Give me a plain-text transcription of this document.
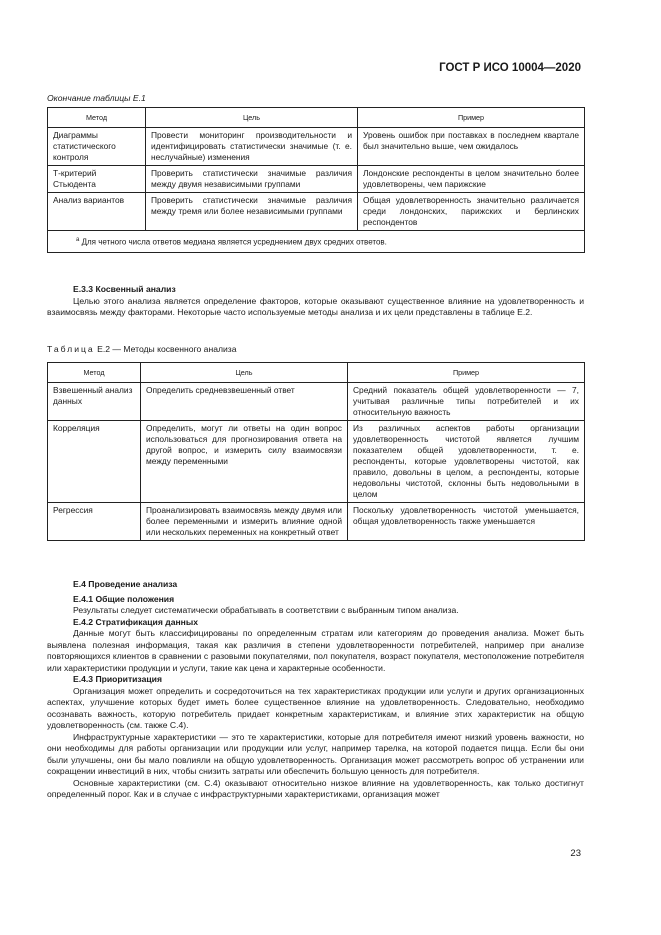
ГОСТ Р ИСО 10004—2020
Окончание таблицы Е.1
Метод	Цель	Пример
Диаграммы статистического контроля	Провести мониторинг производительности и идентифицировать статистически значимые (т. е. неслучайные) изменения	Уровень ошибок при поставках в последнем квартале был значительно выше, чем ожидалось
Т-критерий Стьюдента	Проверить статистически значимые различия между двумя независимыми группами	Лондонские респонденты в целом значительно более удовлетворены, чем парижские
Анализ вариантов	Проверить статистически значимые различия между тремя или более независимыми группами	Общая удовлетворенность значительно различается среди лондонских, парижских и берлинских респондентов
$^a$ Для четного числа ответов медиана является усреднением двух средних ответов.		
Е.3.3 Косвенный анализ

Целью этого анализа является определение факторов, которые оказывают существенное влияние на удовлетворенность и взаимосвязь между факторами. Некоторые часто используемые методы анализа и их цели представлены в таблице Е.2.

Таблица Е.2 — Методы косвенного анализа
Метод	Цель	Пример
Взвешенный анализ данных	Определить средневзвешенный ответ	Средний показатель общей удовлетворенности — 7, учитывая различные типы потребителей и их относительную важность
Корреляция	Определить, могут ли ответы на один вопрос использоваться для прогнозирования ответа на другой вопрос, и измерить силу взаимосвязи между переменными	Из различных аспектов работы организации удовлетворенность чистотой является лучшим показателем общей удовлетворенности, т. е. респонденты, которые удовлетворены чистотой, как правило, довольны в целом, а респонденты, которые недовольны чистотой, склонны быть недовольными в целом
Регрессия	Проанализировать взаимосвязь между двумя или более переменными и измерить влияние одной или нескольких переменных на конкретный ответ	Поскольку удовлетворенность чистотой уменьшается, общая удовлетворенность также уменьшается
Е.4 Проведение анализа
Е.4.1 Общие положения

Результаты следует систематически обрабатывать в соответствии с выбранным типом анализа.

Е.4.2 Стратификация данных

Данные могут быть классифицированы по определенным стратам или категориям до проведения анализа. Может быть выявлена полезная информация, такая как различия в степени удовлетворенности потребителей, например при анализе повторяющихся клиентов в сравнении с разовыми покупателями, пол покупателя, возраст покупателя, местоположение потребителя или характеристики продукции и услуги, такие как цена и характерные особенности.

Е.4.3 Приоритизация

Организация может определить и сосредоточиться на тех характеристиках продукции или услуги и других организационных аспектах, улучшение которых будет иметь более существенное влияние на удовлетворенность. Следовательно, необходимо осознавать важность, которую потребитель придает конкретным характеристикам, и влияние этих характеристик на общую удовлетворенность (см. также С.4).

Инфраструктурные характеристики — это те характеристики, которые для потребителя имеют низкий уровень важности, но они необходимы для работы организации или продукции или услуг, например тарелка, на которой подается пицца. Если бы они были улучшены, они бы мало повлияли на общую удовлетворенность. Организация может рассмотреть вопрос об устранении или сокращении инвестиций в них, чтобы снизить затраты или обеспечить большую ценность для потребителя.

Основные характеристики (см. С.4) оказывают относительно низкое влияние на удовлетворенность, как только достигнут определенный порог. Как и в случае с инфраструктурными характеристиками, организация может

23
